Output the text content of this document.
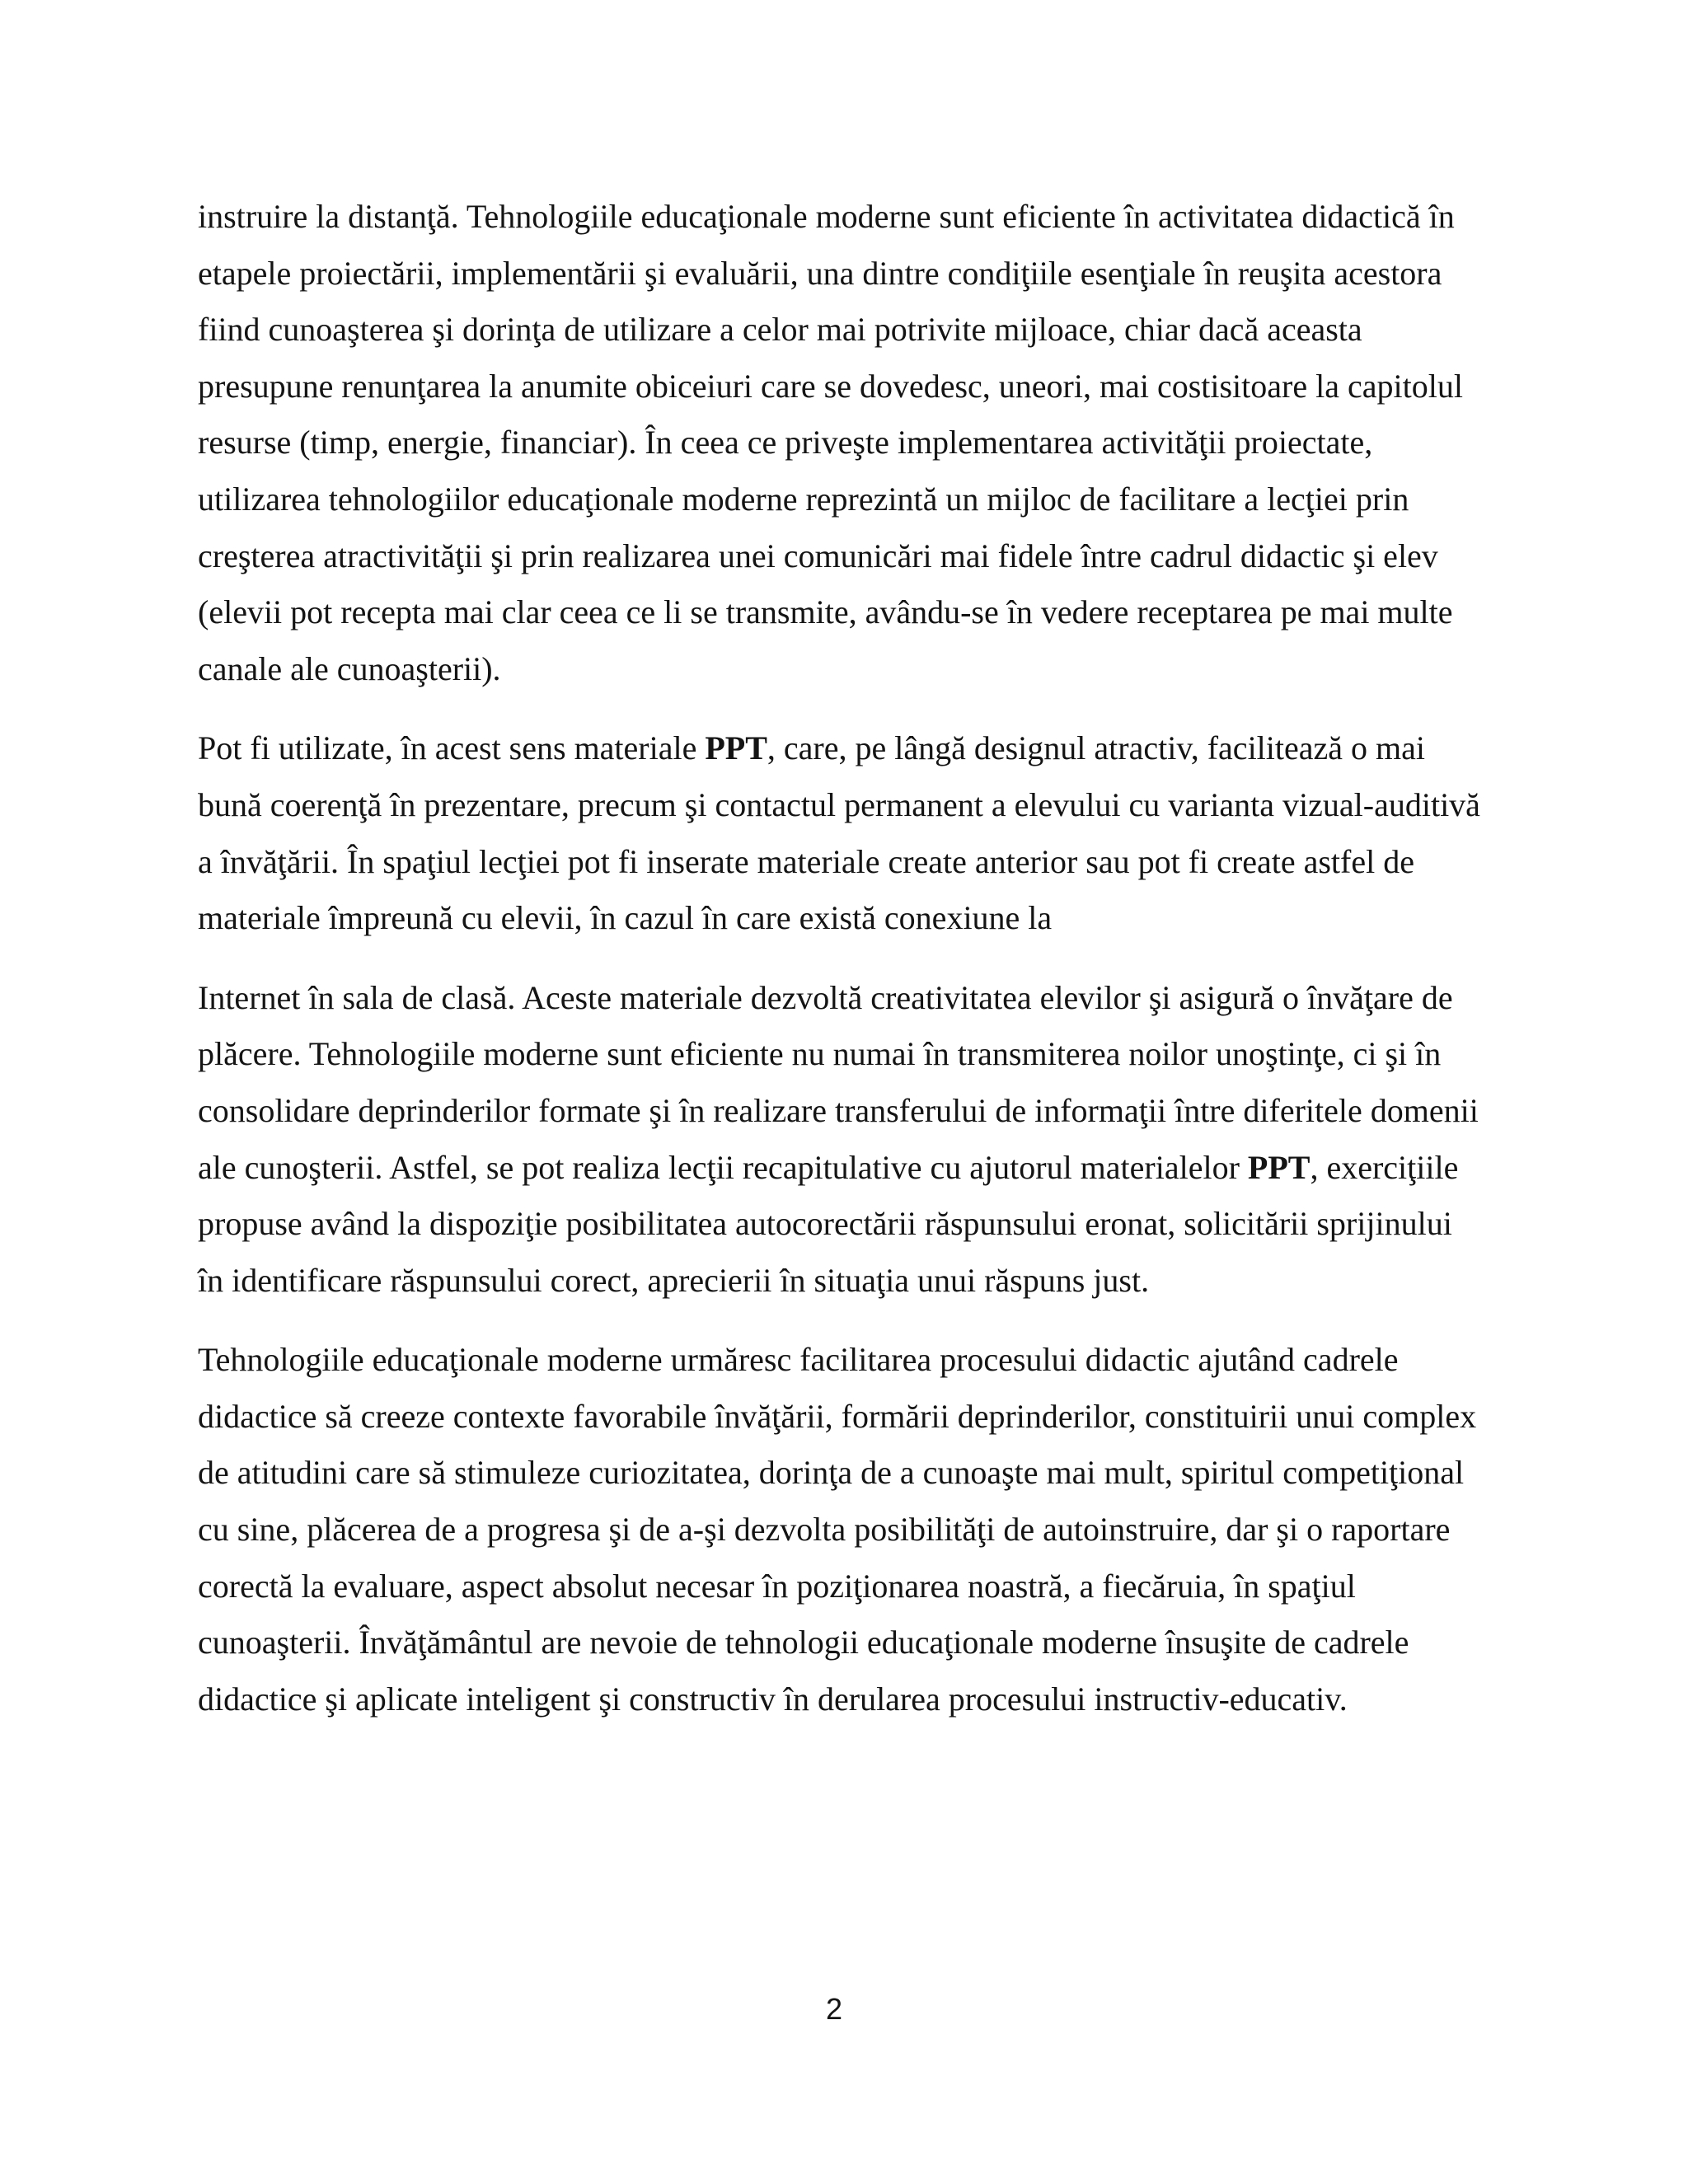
instruire la distanţă. Tehnologiile educaţionale moderne sunt eficiente în activitatea didactică în
etapele proiectării, implementării şi evaluării, una dintre condiţiile esenţiale în reuşita acestora
fiind cunoaşterea şi dorinţa de utilizare a celor mai potrivite mijloace, chiar dacă aceasta
presupune renunţarea la anumite obiceiuri care se dovedesc, uneori, mai costisitoare la capitolul
resurse (timp, energie, financiar). În ceea ce priveşte implementarea activităţii proiectate,
utilizarea tehnologiilor educaţionale moderne reprezintă un mijloc de facilitare a lecţiei prin
creşterea atractivităţii şi prin realizarea unei comunicări mai fidele între cadrul didactic şi elev
(elevii pot recepta mai clar ceea ce li se transmite, avându-se în vedere receptarea pe mai multe
canale ale cunoaşterii).
Pot fi utilizate, în acest sens materiale PPT, care, pe lângă designul atractiv, facilitează o mai
bună coerenţă în prezentare, precum şi contactul permanent a elevului cu varianta vizual-auditivă
a învăţării. În spaţiul lecţiei pot fi inserate materiale create anterior sau pot fi create astfel de
materiale împreună cu elevii, în cazul în care există conexiune la
Internet în sala de clasă. Aceste materiale dezvoltă creativitatea elevilor şi asigură o învăţare de
plăcere. Tehnologiile moderne sunt eficiente nu numai în transmiterea noilor unoştinţe, ci şi în
consolidare deprinderilor formate şi în realizare transferului de informaţii între diferitele domenii
ale cunoşterii. Astfel, se pot realiza lecţii recapitulative cu ajutorul materialelor PPT, exerciţiile
propuse având la dispoziţie posibilitatea autocorectării răspunsului eronat, solicitării sprijinului
în identificare răspunsului corect, aprecierii în situaţia unui răspuns just.
Tehnologiile educaţionale moderne urmăresc facilitarea procesului didactic ajutând cadrele
didactice să creeze contexte favorabile învăţării, formării deprinderilor, constituirii unui complex
de atitudini care să stimuleze curiozitatea, dorinţa de a cunoaşte mai mult, spiritul competiţional
cu sine, plăcerea de a progresa şi de a-şi dezvolta posibilităţi de autoinstruire, dar şi o raportare
corectă la evaluare, aspect absolut necesar în poziţionarea noastră, a fiecăruia, în spaţiul
cunoaşterii. Învăţământul are nevoie de tehnologii educaţionale moderne însuşite de cadrele
didactice şi aplicate inteligent şi constructiv în derularea procesului instructiv-educativ.
2
